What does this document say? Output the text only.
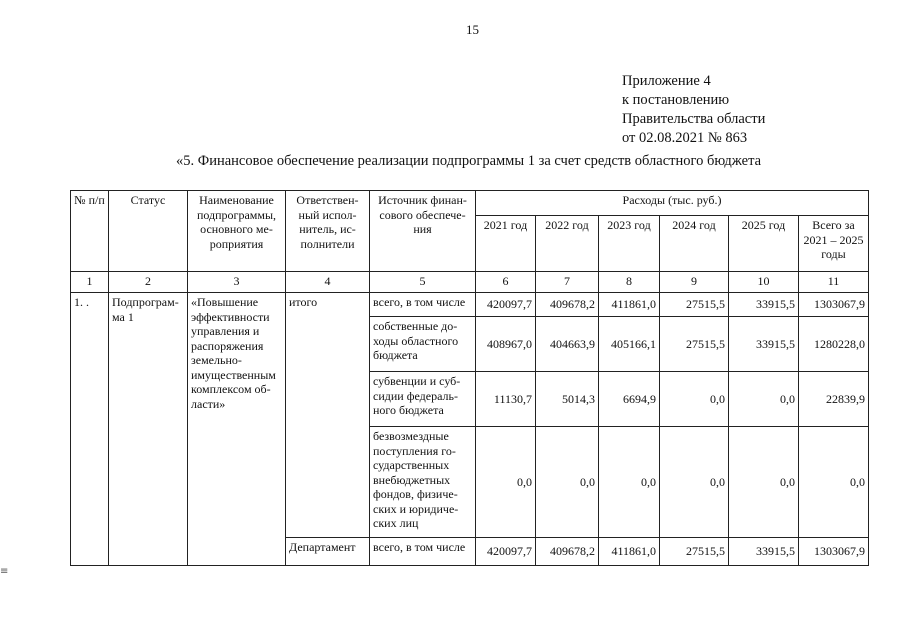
15
Приложение 4
к постановлению
Правительства области
от 02.08.2021 № 863
«5. Финансовое обеспечение реализации подпрограммы 1 за счет средств областного бюджета
№ п/п	Статус	Наименование подпрограммы, основного ме-роприятия	Ответствен-ный испол-нитель, ис-полнители	Источник финан-сового обеспече-ния	Расходы (тыс. руб.)					
					2021 год	2022 год	2023 год	2024 год	2025 год	Всего за 2021 – 2025 годы
1	2	3	4	5	6	7	8	9	10	11
1. .	Подпрограм-ма 1	«Повышение эффективности управления и распоряжения земельно-имущественным комплексом об-ласти»	итого	всего, в том числе	420097,7	409678,2	411861,0	27515,5	33915,5	1303067,9
				собственные до-ходы областного бюджета	408967,0	404663,9	405166,1	27515,5	33915,5	1280228,0
				субвенции и суб-сидии федераль-ного бюджета	11130,7	5014,3	6694,9	0,0	0,0	22839,9
				безвозмездные поступления го-сударственных внебюджетных фондов, физиче-ских и юридиче-ских лиц	0,0	0,0	0,0	0,0	0,0	0,0
			Департамент	всего, в том числе	420097,7	409678,2	411861,0	27515,5	33915,5	1303067,9
≡
